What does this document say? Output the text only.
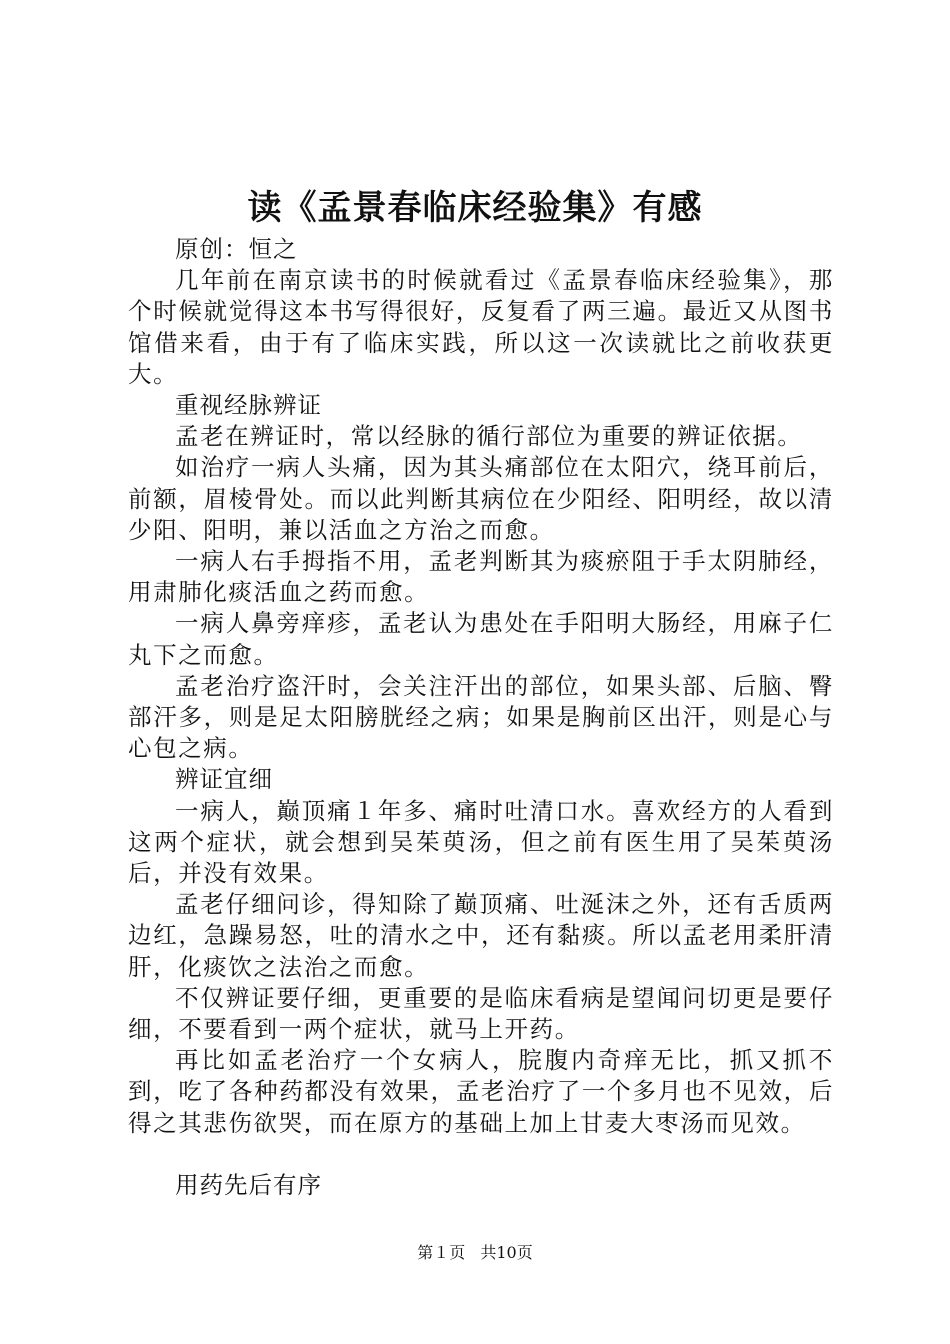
读《孟景春临床经验集》有感

原创：恒之

几年前在南京读书的时候就看过《孟景春临床经验集》，那个时候就觉得这本书写得很好，反复看了两三遍。最近又从图书馆借来看，由于有了临床实践，所以这一次读就比之前收获更大。

重视经脉辨证

孟老在辨证时，常以经脉的循行部位为重要的辨证依据。

如治疗一病人头痛，因为其头痛部位在太阳穴，绕耳前后，前额，眉棱骨处。而以此判断其病位在少阳经、阳明经，故以清少阳、阳明，兼以活血之方治之而愈。

一病人右手拇指不用，孟老判断其为痰瘀阻于手太阴肺经，用肃肺化痰活血之药而愈。

一病人鼻旁痒疹，孟老认为患处在手阳明大肠经，用麻子仁丸下之而愈。

孟老治疗盗汗时，会关注汗出的部位，如果头部、后脑、臀部汗多，则是足太阳膀胱经之病；如果是胸前区出汗，则是心与心包之病。

辨证宜细

一病人，巅顶痛１年多、痛时吐清口水。喜欢经方的人看到这两个症状，就会想到吴茱萸汤，但之前有医生用了吴茱萸汤后，并没有效果。

孟老仔细问诊，得知除了巅顶痛、吐涎沫之外，还有舌质两边红，急躁易怒，吐的清水之中，还有黏痰。所以孟老用柔肝清肝，化痰饮之法治之而愈。

不仅辨证要仔细，更重要的是临床看病是望闻问切更是要仔细，不要看到一两个症状，就马上开药。

再比如孟老治疗一个女病人，脘腹内奇痒无比，抓又抓不到，吃了各种药都没有效果，孟老治疗了一个多月也不见效，后得之其悲伤欲哭，而在原方的基础上加上甘麦大枣汤而见效。

用药先后有序

第１页 共10页
